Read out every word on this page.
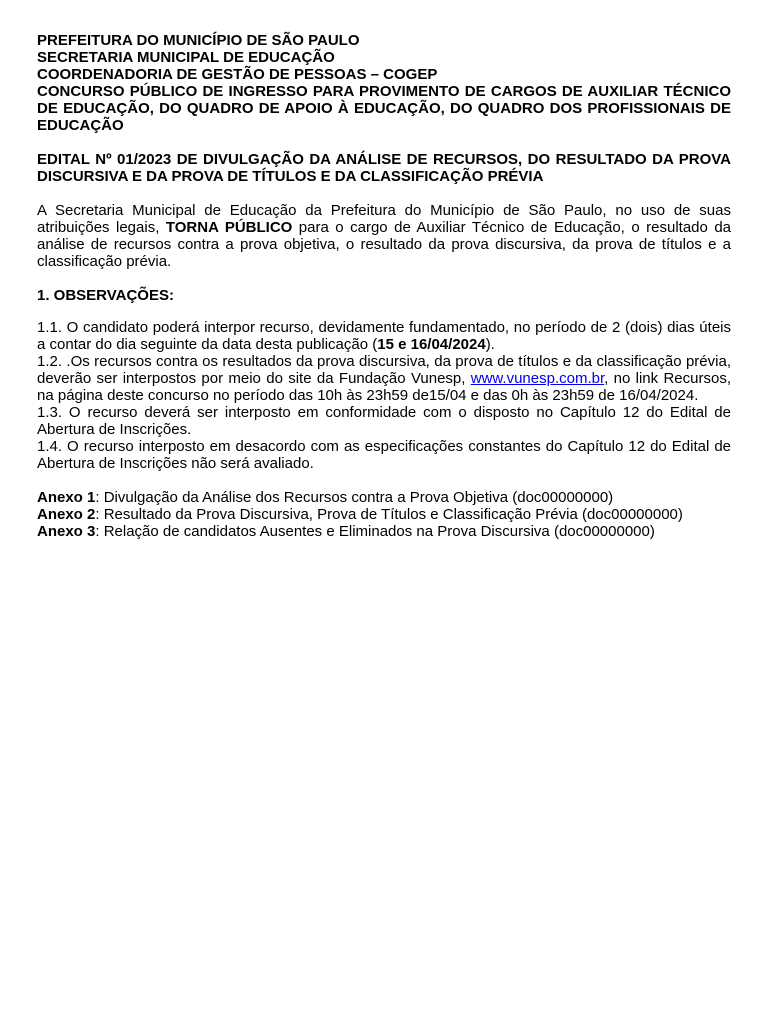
PREFEITURA DO MUNICÍPIO DE SÃO PAULO

SECRETARIA MUNICIPAL DE EDUCAÇÃO

COORDENADORIA DE GESTÃO DE PESSOAS – COGEP

CONCURSO PÚBLICO DE INGRESSO PARA PROVIMENTO DE CARGOS DE AUXILIAR TÉCNICO DE EDUCAÇÃO, DO QUADRO DE APOIO À EDUCAÇÃO, DO QUADRO DOS PROFISSIONAIS DE EDUCAÇÃO

EDITAL Nº 01/2023 DE DIVULGAÇÃO DA ANÁLISE DE RECURSOS, DO RESULTADO DA PROVA DISCURSIVA E DA PROVA DE TÍTULOS E DA CLASSIFICAÇÃO PRÉVIA

A Secretaria Municipal de Educação da Prefeitura do Município de São Paulo, no uso de suas atribuições legais, TORNA PÚBLICO para o cargo de Auxiliar Técnico de Educação, o resultado da análise de recursos contra a prova objetiva, o resultado da prova discursiva, da prova de títulos e a classificação prévia.

1. OBSERVAÇÕES:

1.1. O candidato poderá interpor recurso, devidamente fundamentado, no período de 2 (dois) dias úteis a contar do dia seguinte da data desta publicação (15 e 16/04/2024).

1.2. .Os recursos contra os resultados da prova discursiva, da prova de títulos e da classificação prévia, deverão ser interpostos por meio do site da Fundação Vunesp, www.vunesp.com.br, no link Recursos, na página deste concurso no período das 10h às 23h59 de15/04 e das 0h às 23h59 de 16/04/2024.

1.3. O recurso deverá ser interposto em conformidade com o disposto no Capítulo 12 do Edital de Abertura de Inscrições.

1.4. O recurso interposto em desacordo com as especificações constantes do Capítulo 12 do Edital de Abertura de Inscrições não será avaliado.

Anexo 1: Divulgação da Análise dos Recursos contra a Prova Objetiva (doc00000000)

Anexo 2: Resultado da Prova Discursiva, Prova de Títulos e Classificação Prévia (doc00000000)

Anexo 3: Relação de candidatos Ausentes e Eliminados na Prova Discursiva (doc00000000)
